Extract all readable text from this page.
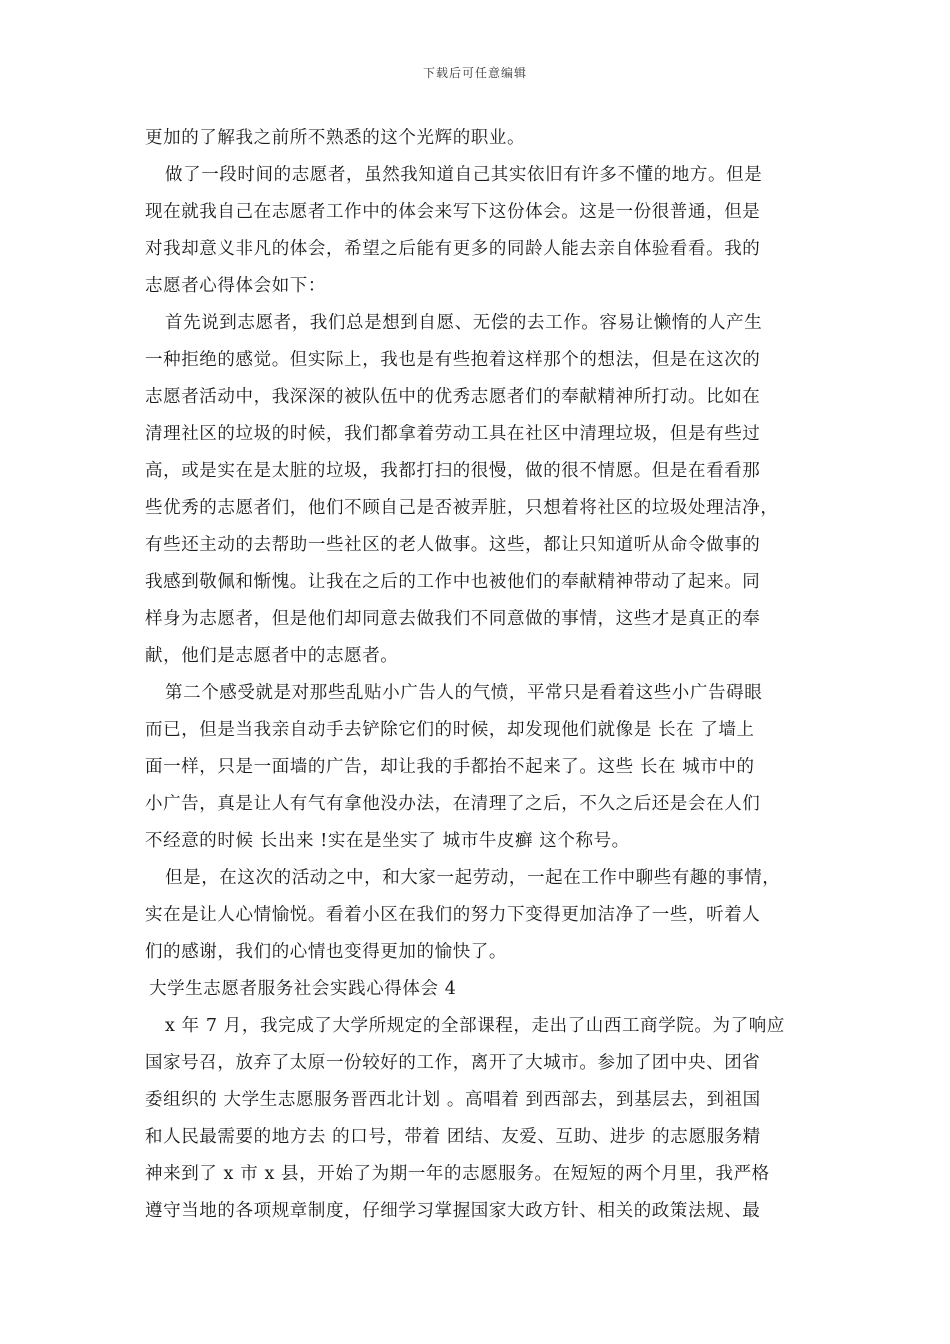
下载后可任意编辑
更加的了解我之前所不熟悉的这个光辉的职业。
做了一段时间的志愿者，虽然我知道自己其实依旧有许多不懂的地方。但是
现在就我自己在志愿者工作中的体会来写下这份体会。这是一份很普通，但是
对我却意义非凡的体会，希望之后能有更多的同龄人能去亲自体验看看。我的
志愿者心得体会如下：
首先说到志愿者，我们总是想到自愿、无偿的去工作。容易让懒惰的人产生
一种拒绝的感觉。但实际上，我也是有些抱着这样那个的想法，但是在这次的
志愿者活动中，我深深的被队伍中的优秀志愿者们的奉献精神所打动。比如在
清理社区的垃圾的时候，我们都拿着劳动工具在社区中清理垃圾，但是有些过
高，或是实在是太脏的垃圾，我都打扫的很慢，做的很不情愿。但是在看看那
些优秀的志愿者们，他们不顾自己是否被弄脏，只想着将社区的垃圾处理洁净，
有些还主动的去帮助一些社区的老人做事。这些，都让只知道听从命令做事的
我感到敬佩和惭愧。让我在之后的工作中也被他们的奉献精神带动了起来。同
样身为志愿者，但是他们却同意去做我们不同意做的事情，这些才是真正的奉
献，他们是志愿者中的志愿者。
第二个感受就是对那些乱贴小广告人的气愤，平常只是看着这些小广告碍眼
而已，但是当我亲自动手去铲除它们的时候，却发现他们就像是 长在 了墙上
面一样，只是一面墙的广告，却让我的手都抬不起来了。这些 长在 城市中的
小广告，真是让人有气有拿他没办法，在清理了之后，不久之后还是会在人们
不经意的时候 长出来 !实在是坐实了 城市牛皮癣 这个称号。
但是，在这次的活动之中，和大家一起劳动，一起在工作中聊些有趣的事情，
实在是让人心情愉悦。看着小区在我们的努力下变得更加洁净了一些，听着人
们的感谢，我们的心情也变得更加的愉快了。
大学生志愿者服务社会实践心得体会 4
x 年 7 月，我完成了大学所规定的全部课程，走出了山西工商学院。为了响应
国家号召，放弃了太原一份较好的工作，离开了大城市。参加了团中央、团省
委组织的 大学生志愿服务晋西北计划 。高唱着 到西部去，到基层去，到祖国
和人民最需要的地方去 的口号，带着 团结、友爱、互助、进步 的志愿服务精
神来到了 x 市 x 县，开始了为期一年的志愿服务。在短短的两个月里，我严格
遵守当地的各项规章制度，仔细学习掌握国家大政方针、相关的政策法规、最
